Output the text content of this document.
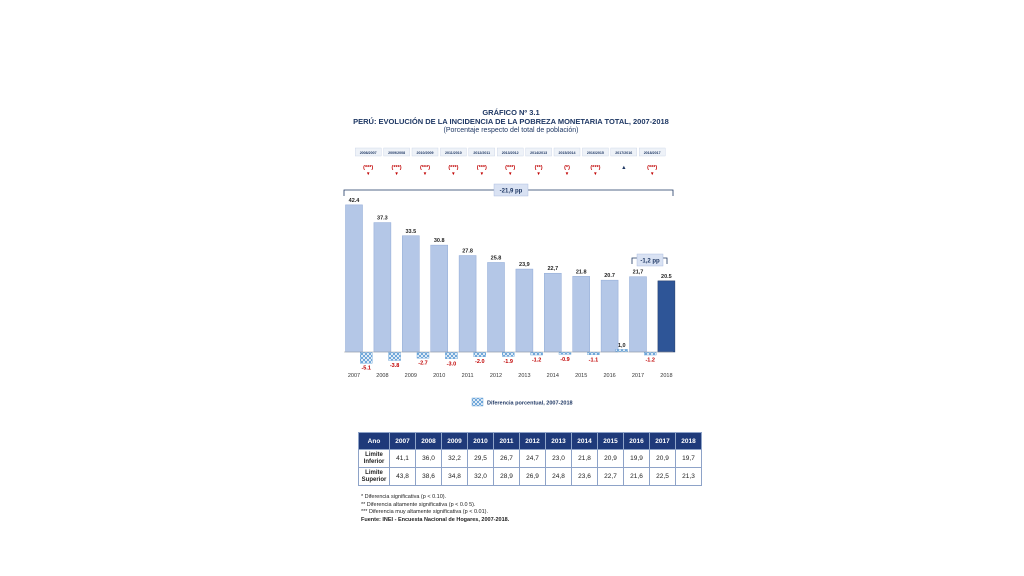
GRÁFICO Nº 3.1
PERÚ: EVOLUCIÓN DE LA INCIDENCIA DE LA POBREZA MONETARIA TOTAL, 2007-2018
(Porcentaje respecto del total de población)
2008/2007
(***)
▼
2009/2008
(***)
▼
2010/2009
(***)
▼
2011/2010
(***)
▼
2012/2011
(***)
▼
2013/2012
(***)
▼
2014/2013
(**)
▼
2015/2014
(*)
▼
2016/2015
(***)
▼
2017/2016
▲
2018/2017
(***)
▼
42.4
2007
37.3
2008
33.5
2009
30.8
2010
27.8
2011
25.8
2012
23,9
2013
22,7
2014
21.8
2015
20.7
2016
21,7
2017
20.5
2018
-5.1	-3.8	-2.7	-3.0	-2.0	-1.9	-1.2	-0.9	-1.1
1,0
-1.2
-21,9 pp
-1,2 pp
Diferencia porcentual, 2007-2018
Ano	2007	2008	2009	2010	2011	2012	2013	2014	2015	2016	2017	2018
Limite
Inferior	41,1	36,0	32,2	29,5	26,7	24,7	23,0	21,8	20,9	19,9	20,9	19,7
Limite
Superior	43,8	38,6	34,8	32,0	28,9	26,9	24,8	23,6	22,7	21,6	22,5	21,3
* Diferencia significativa (p < 0.10).
** Diferencia altamente significativa (p < 0.0 5).
*** Diferencia muy altamente significativa (p < 0.01).
Fuente: INEI - Encuesta Nacional de Hogares, 2007-2018.
